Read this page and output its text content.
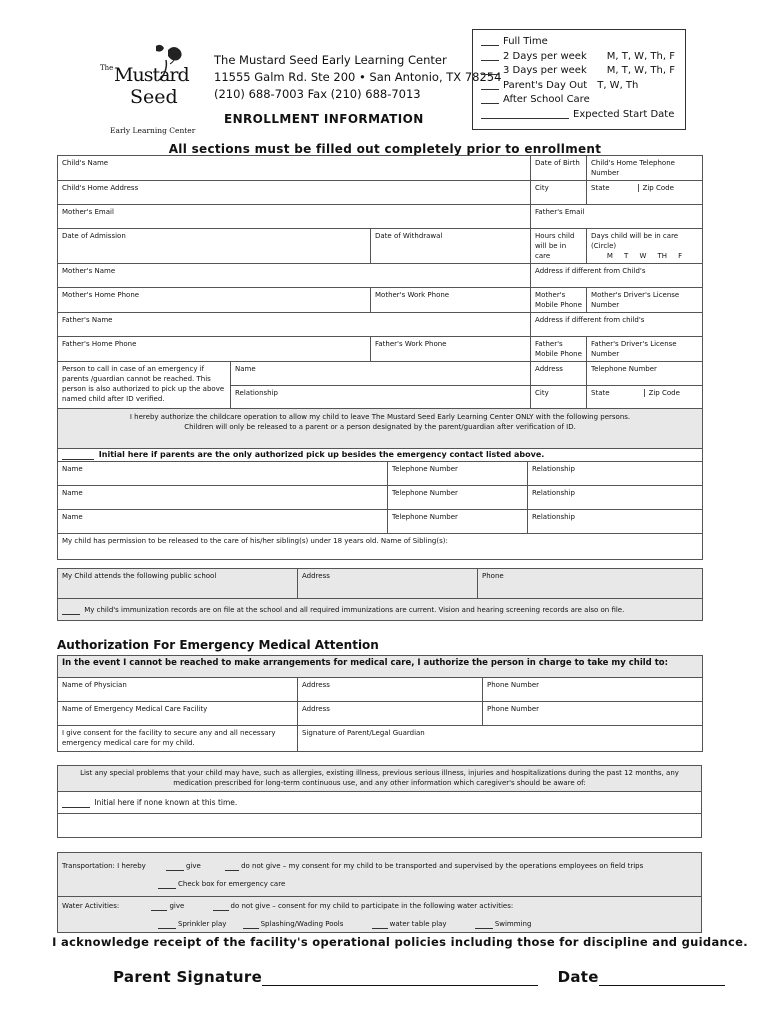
The Mustard
Seed
Early Learning Center
The Mustard Seed Early Learning Center
11555 Galm Rd. Ste 200 • San Antonio, TX 78254
(210) 688-7003 Fax (210) 688-7013
ENROLLMENT INFORMATION
Full Time
2 Days per week M, T, W, Th, F
3 Days per week M, T, W, Th, F
Parent's Day Out T, W, Th
After School Care
Expected Start Date
All sections must be filled out completely prior to enrollment
Child's Name			Date of Birth	Child's Home Telephone Number
Child's Home Address			City	State Zip Code
Mother's Email			Father's Email	
Date of Admission		Date of Withdrawal	Hours child will be in care	Days child will be in care (Circle)
M     T     W     TH     F

Mother's Name			Address if different from Child's	
Mother's Home Phone		Mother's Work Phone	Mother's Mobile Phone	Mother's Driver's License Number
Father's Name			Address if different from child's	
Father's Home Phone		Father's Work Phone	Father's Mobile Phone	Father's Driver's License Number
Person to call in case of an emergency if parents /guardian cannot be reached. This person is also authorized to pick up the above named child after ID verified.	Name		Address	Telephone Number
	Relationship		City	State Zip Code
I hereby authorize the childcare operation to allow my child to leave The Mustard Seed Early Learning Center ONLY with the following persons.
Children will only be released to a parent or a person designated by the parent/guardian after verification of ID.		

Initial here if parents are the only authorized pick up besides the emergency contact listed above.		
Name	Telephone Number	Relationship
Name	Telephone Number	Relationship
Name	Telephone Number	Relationship
My child has permission to be released to the care of his/her sibling(s) under 18 years old. Name of Sibling(s):		
My Child attends the following public school	Address	Phone
My child's immunization records are on file at the school and all required immunizations are current. Vision and hearing screening records are also on file.
Authorization For Emergency Medical Attention
In the event I cannot be reached to make arrangements for medical care, I authorize the person in charge to take my child to:		
Name of Physician	Address	Phone Number
Name of Emergency Medical Care Facility	Address	Phone Number
I give consent for the facility to secure any and all necessary emergency medical care for my child.	Signature of Parent/Legal Guardian	
List any special problems that your child may have, such as allergies, existing illness, previous serious illness, injuries and hospitalizations during the past 12 months, any medication prescribed for long-term continuous use, and any other information which caregiver's should be aware of:
Initial here if none known at this time.

Transportation: I hereby	give	do not give – my consent for my child to be transported and supervised by the operations employees on field trips
Check box for emergency care

Water Activities:	give	do not give – consent for my child to participate in the following water activities:
Sprinkler play	Splashing/Wading Pools	water table play	Swimming
I acknowledge receipt of the facility's operational policies including those for discipline and guidance.
Parent Signature	Date
